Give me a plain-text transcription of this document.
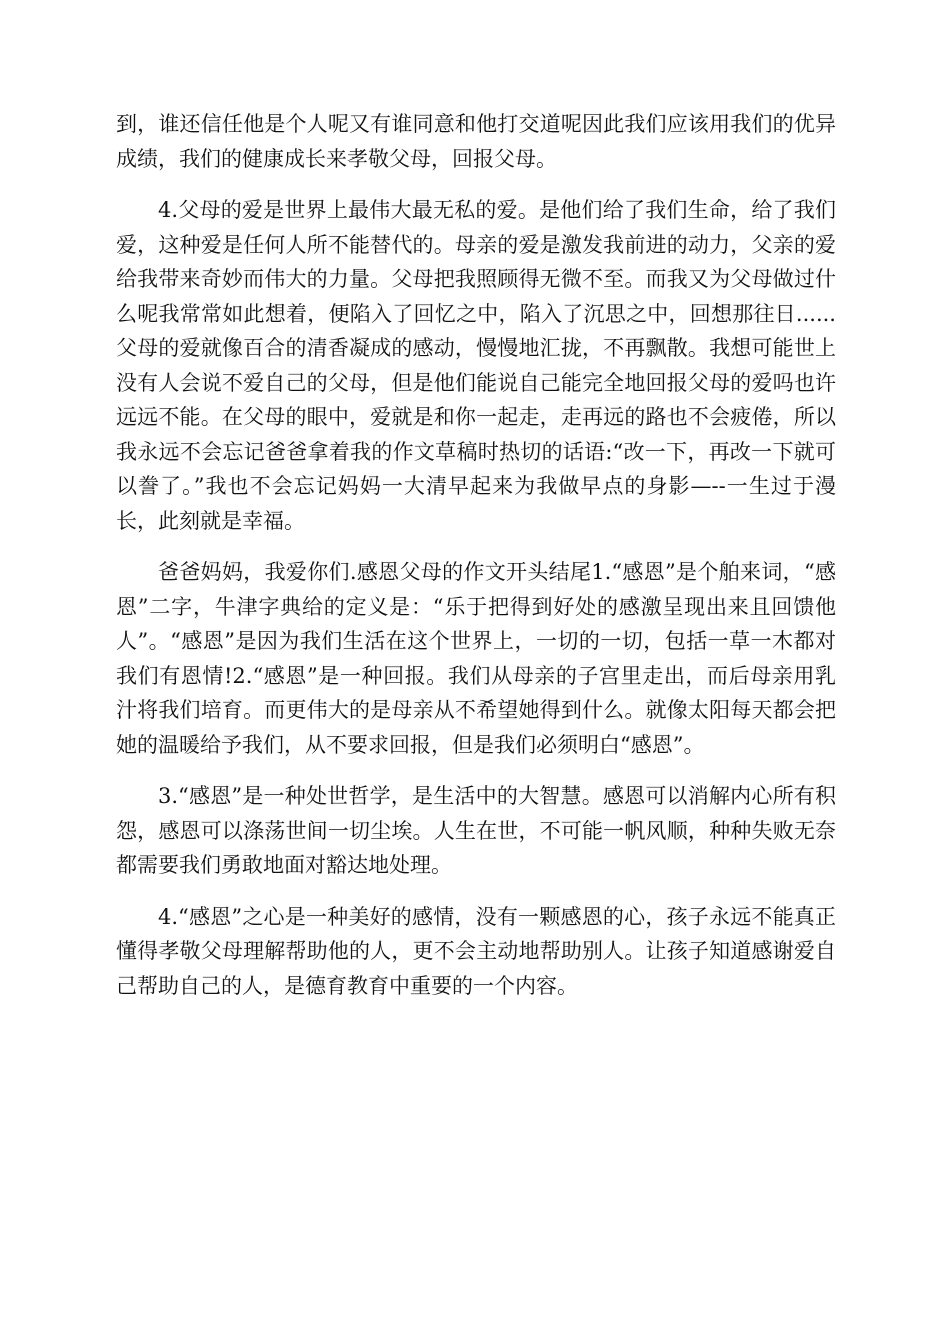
到，谁还信任他是个人呢又有谁同意和他打交道呢因此我们应该用我们的优异成绩，我们的健康成长来孝敬父母，回报父母。

4.父母的爱是世界上最伟大最无私的爱。是他们给了我们生命，给了我们爱，这种爱是任何人所不能替代的。母亲的爱是激发我前进的动力，父亲的爱给我带来奇妙而伟大的力量。父母把我照顾得无微不至。而我又为父母做过什么呢我常常如此想着，便陷入了回忆之中，陷入了沉思之中，回想那往日......父母的爱就像百合的清香凝成的感动，慢慢地汇拢，不再飘散。我想可能世上没有人会说不爱自己的父母，但是他们能说自己能完全地回报父母的爱吗也许远远不能。在父母的眼中，爱就是和你一起走，走再远的路也不会疲倦，所以我永远不会忘记爸爸拿着我的作文草稿时热切的话语:“改一下，再改一下就可以誊了。”我也不会忘记妈妈一大清早起来为我做早点的身影—--一生过于漫长，此刻就是幸福。

爸爸妈妈，我爱你们.感恩父母的作文开头结尾1.“感恩”是个舶来词，“感恩”二字，牛津字典给的定义是：“乐于把得到好处的感激呈现出来且回馈他人”。“感恩”是因为我们生活在这个世界上，一切的一切，包括一草一木都对我们有恩情!2.“感恩”是一种回报。我们从母亲的子宫里走出，而后母亲用乳汁将我们培育。而更伟大的是母亲从不希望她得到什么。就像太阳每天都会把她的温暖给予我们，从不要求回报，但是我们必须明白“感恩”。

3.“感恩”是一种处世哲学，是生活中的大智慧。感恩可以消解内心所有积怨，感恩可以涤荡世间一切尘埃。人生在世，不可能一帆风顺，种种失败无奈都需要我们勇敢地面对豁达地处理。

4.“感恩”之心是一种美好的感情，没有一颗感恩的心，孩子永远不能真正懂得孝敬父母理解帮助他的人，更不会主动地帮助别人。让孩子知道感谢爱自己帮助自己的人，是德育教育中重要的一个内容。
